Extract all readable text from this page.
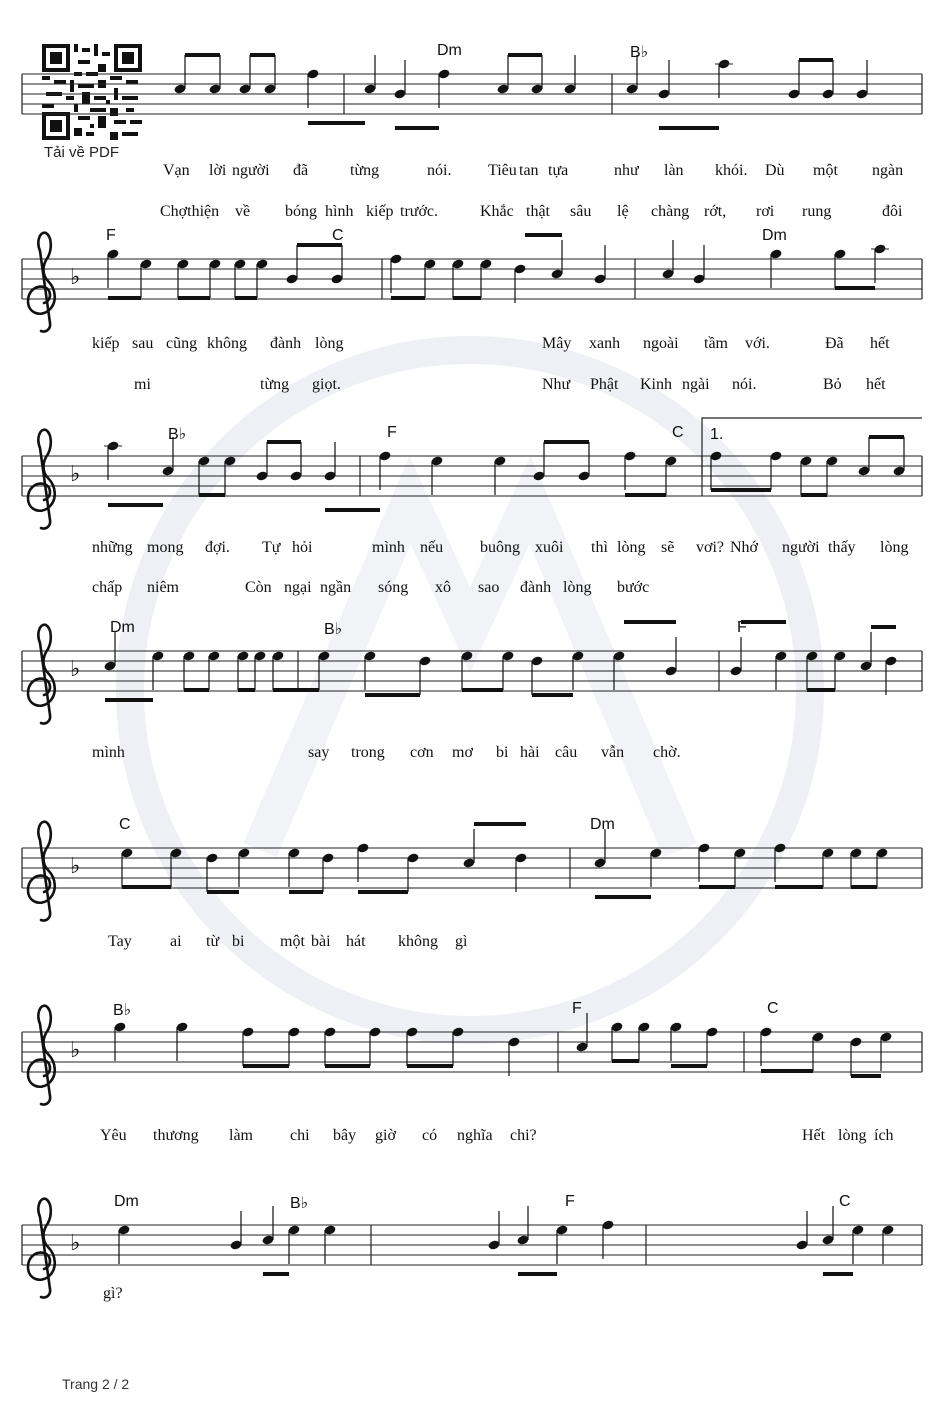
Tải về PDF
♭
♭
♭
♭
♭
♭
Dm	B♭
Vạn lời người đã	từng	nói. Tiêu tan tựa	như làn khói. Dù một ngàn
Chợthiện về bóng hình kiếp trước.	Khắc thật sâu lệ chàng rớt, rơi rung	đôi
F	C	Dm
kiếp sau cũng không đành lòng	Mây xanh ngoài tầm với.	Đã hết
mi	từng giọt.	Như Phật Kinh ngài nói.	Bỏ hết
B♭	F	C 1.
những mong đợi. Tự hỏi	mình nếu buông xuôi thì lòng sẽ vơi? Nhớ người thấy lòng
chấp niêm	Còn ngại ngần sóng xô sao đành lòng bước
Dm	B♭	F
mình	say trong cơn mơ bi hài câu vẫn chờ.
C	Dm
Tay ai từ bi một bài hát không gì
B♭	F	C
Yêu thương làm chi bây giờ có nghĩa chi?	Hết lòng ích
Dm	B♭	F	C
gì?
Trang 2 / 2
